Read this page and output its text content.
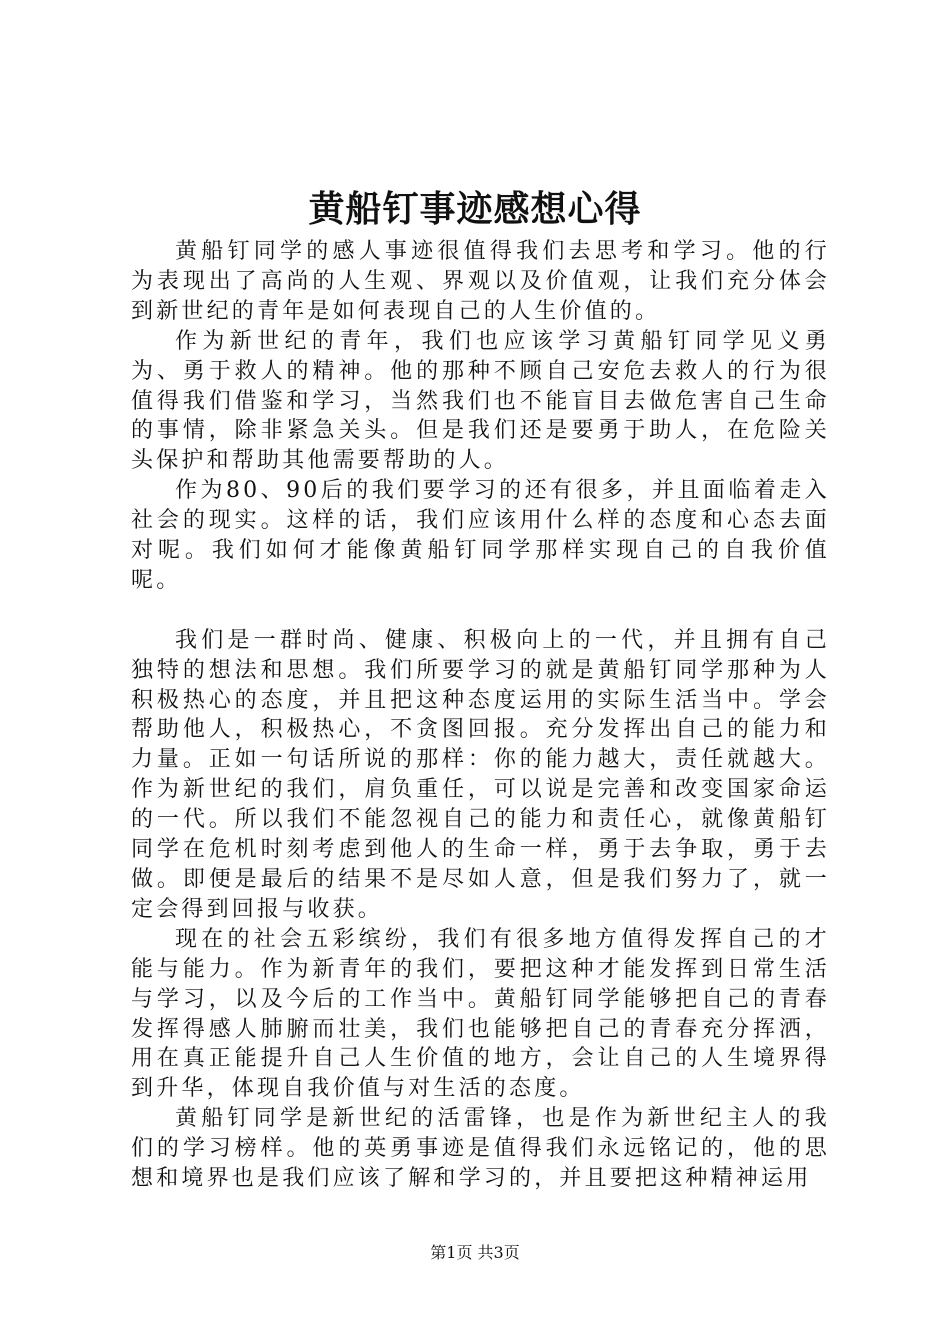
黄船钉事迹感想心得

黄船钉同学的感人事迹很值得我们去思考和学习。他的行为表现出了高尚的人生观、界观以及价值观，让我们充分体会到新世纪的青年是如何表现自己的人生价值的。

作为新世纪的青年，我们也应该学习黄船钉同学见义勇为、勇于救人的精神。他的那种不顾自己安危去救人的行为很值得我们借鉴和学习，当然我们也不能盲目去做危害自己生命的事情，除非紧急关头。但是我们还是要勇于助人，在危险关头保护和帮助其他需要帮助的人。

作为80、90后的我们要学习的还有很多，并且面临着走入社会的现实。这样的话，我们应该用什么样的态度和心态去面对呢。我们如何才能像黄船钉同学那样实现自己的自我价值呢。

我们是一群时尚、健康、积极向上的一代，并且拥有自己独特的想法和思想。我们所要学习的就是黄船钉同学那种为人积极热心的态度，并且把这种态度运用的实际生活当中。学会帮助他人，积极热心，不贪图回报。充分发挥出自己的能力和力量。正如一句话所说的那样：你的能力越大，责任就越大。作为新世纪的我们，肩负重任，可以说是完善和改变国家命运的一代。所以我们不能忽视自己的能力和责任心，就像黄船钉同学在危机时刻考虑到他人的生命一样，勇于去争取，勇于去做。即便是最后的结果不是尽如人意，但是我们努力了，就一定会得到回报与收获。

现在的社会五彩缤纷，我们有很多地方值得发挥自己的才能与能力。作为新青年的我们，要把这种才能发挥到日常生活与学习，以及今后的工作当中。黄船钉同学能够把自己的青春发挥得感人肺腑而壮美，我们也能够把自己的青春充分挥洒，用在真正能提升自己人生价值的地方，会让自己的人生境界得到升华，体现自我价值与对生活的态度。

黄船钉同学是新世纪的活雷锋，也是作为新世纪主人的我们的学习榜样。他的英勇事迹是值得我们永远铭记的，他的思想和境界也是我们应该了解和学习的，并且要把这种精神运用

第1页 共3页
